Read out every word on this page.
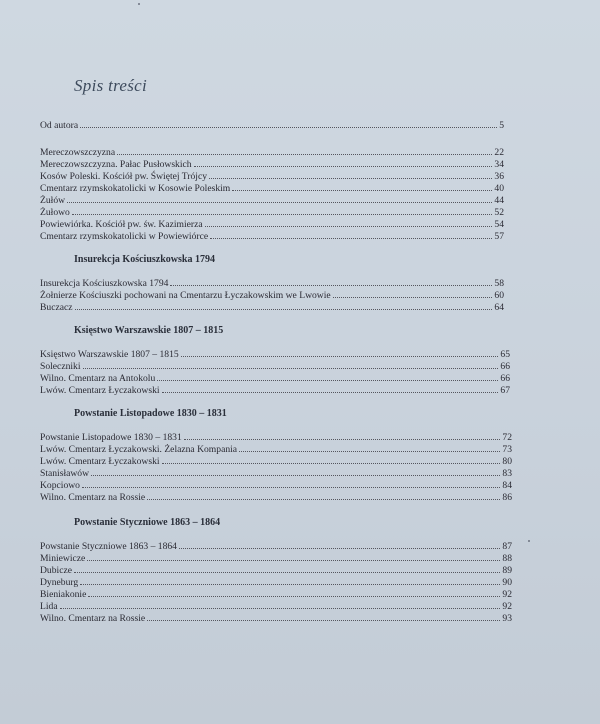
Spis treści
Od autora	5
Mereczowszczyzna	22
Mereczowszczyzna. Pałac Pusłowskich	34
Kosów Poleski. Kościół pw. Świętej Trójcy	36
Cmentarz rzymskokatolicki w Kosowie Poleskim	40
Żułów	44
Żułowo	52
Powiewiórka. Kościół pw. św. Kazimierza	54
Cmentarz rzymskokatolicki w Powiewiórce	57
Insurekcja Kościuszkowska 1794
Insurekcja Kościuszkowska 1794	58
Żołnierze Kościuszki pochowani na Cmentarzu Łyczakowskim we Lwowie	60
Buczacz	64
Księstwo Warszawskie 1807 – 1815
Księstwo Warszawskie 1807 – 1815	65
Soleczniki	66
Wilno. Cmentarz na Antokolu	66
Lwów. Cmentarz Łyczakowski	67
Powstanie Listopadowe 1830 – 1831
Powstanie Listopadowe 1830 – 1831	72
Lwów. Cmentarz Łyczakowski. Żelazna Kompania	73
Lwów. Cmentarz Łyczakowski	80
Stanisławów	83
Kopciowo	84
Wilno. Cmentarz na Rossie	86
Powstanie Styczniowe 1863 – 1864
Powstanie Styczniowe 1863 – 1864	87
Miniewicze	88
Dubicze	89
Dyneburg	90
Bieniakonie	92
Lida	92
Wilno. Cmentarz na Rossie	93
